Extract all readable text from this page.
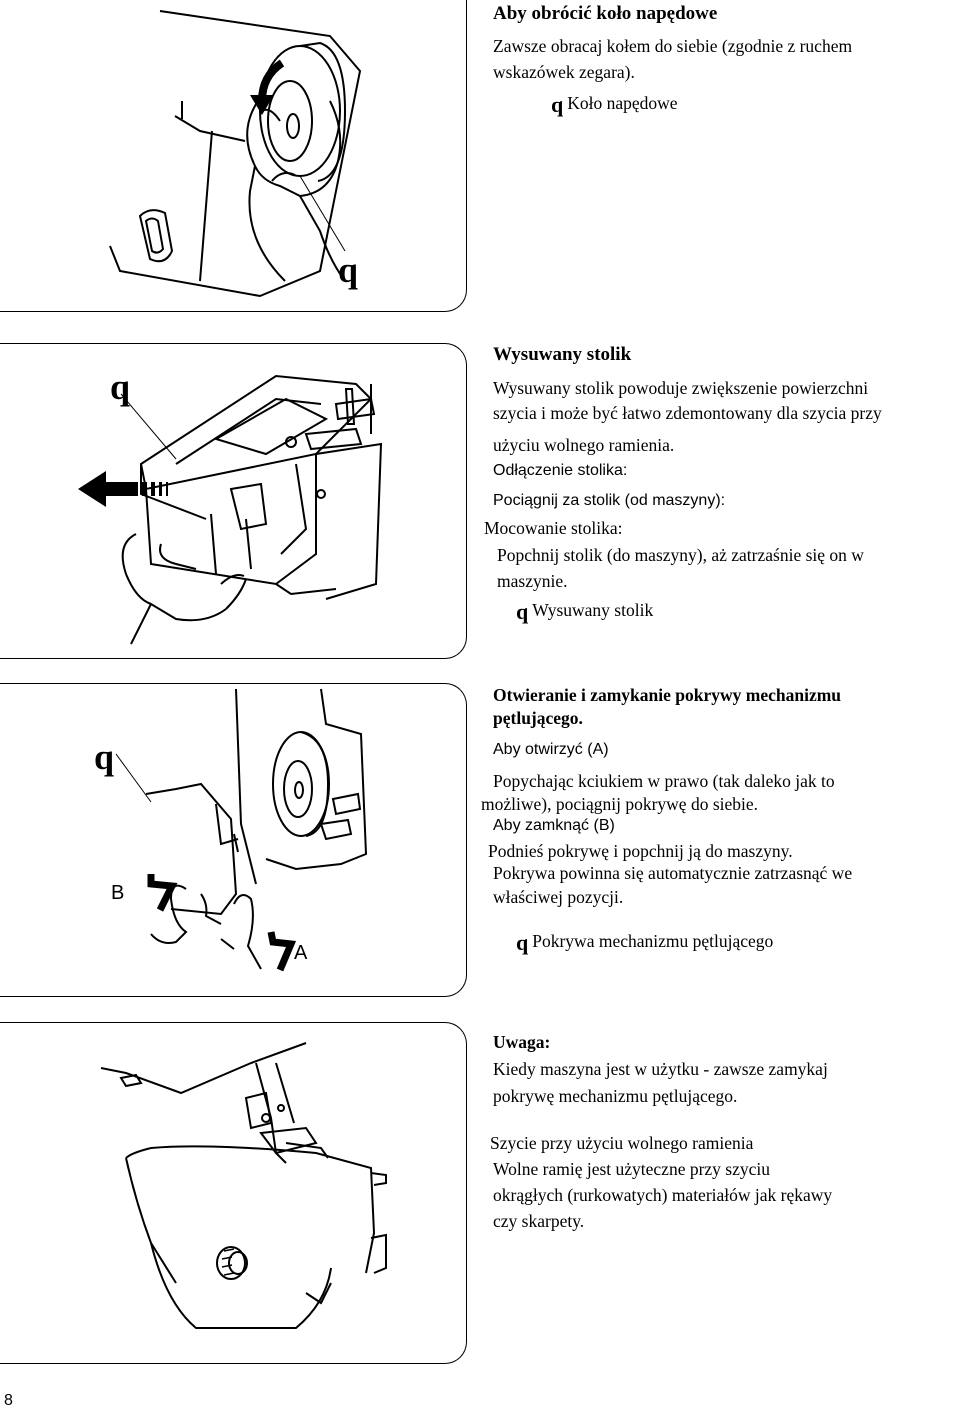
q
Aby obrócić koło napędowe
Zawsze obracaj kołem do siebie (zgodnie z ruchem
wskazówek zegara).
q Koło napędowe
q
Wysuwany stolik
Wysuwany stolik powoduje zwiększenie powierzchni
szycia i może być łatwo zdemontowany dla szycia przy
użyciu wolnego ramienia.
Odłączenie stolika:
Pociągnij za stolik (od maszyny):
Mocowanie stolika:
Popchnij stolik (do maszyny), aż zatrzaśnie się on w
maszynie.
q Wysuwany stolik
q
B
A
Otwieranie i zamykanie pokrywy mechanizmu
pętlującego.
Aby otwirzyć (A)
Popychając kciukiem w prawo (tak daleko jak to
możliwe), pociągnij pokrywę do siebie.
Aby zamknąć (B)
Podnieś pokrywę i popchnij ją do maszyny.
Pokrywa powinna się automatycznie zatrzasnąć we
właściwej pozycji.
q Pokrywa mechanizmu pętlującego
Uwaga:
Kiedy maszyna jest w użytku - zawsze zamykaj
pokrywę mechanizmu pętlującego.
Szycie przy użyciu wolnego ramienia
Wolne ramię jest użyteczne przy szyciu
okrągłych (rurkowatych) materiałów jak rękawy
czy skarpety.
8
